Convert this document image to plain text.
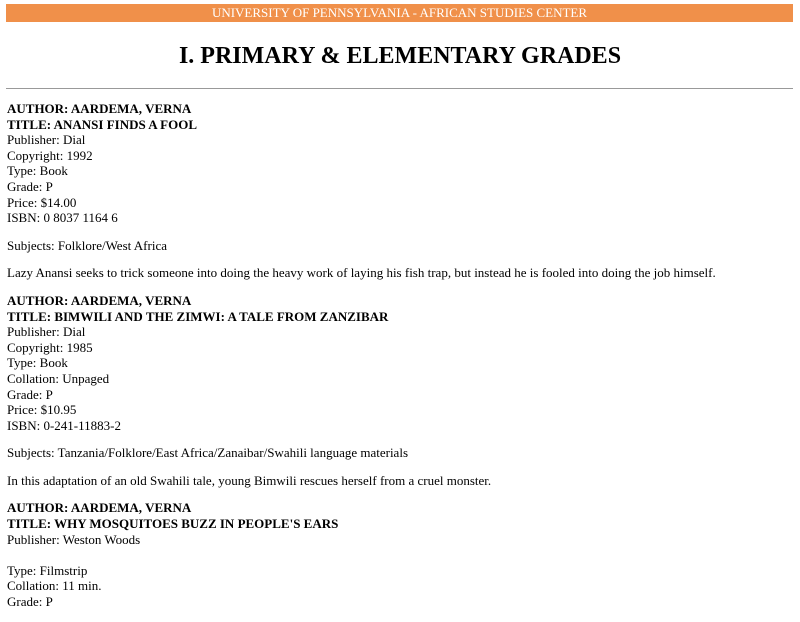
UNIVERSITY OF PENNSYLVANIA - AFRICAN STUDIES CENTER
I. PRIMARY & ELEMENTARY GRADES
AUTHOR: AARDEMA, VERNA
TITLE: ANANSI FINDS A FOOL
Publisher: Dial
Copyright: 1992
Type: Book
Grade: P
Price: $14.00
ISBN: 0 8037 1164 6
Subjects: Folklore/West Africa
Lazy Anansi seeks to trick someone into doing the heavy work of laying his fish trap, but instead he is fooled into doing the job himself.
AUTHOR: AARDEMA, VERNA
TITLE: BIMWILI AND THE ZIMWI: A TALE FROM ZANZIBAR
Publisher: Dial
Copyright: 1985
Type: Book
Collation: Unpaged
Grade: P
Price: $10.95
ISBN: 0-241-11883-2
Subjects: Tanzania/Folklore/East Africa/Zanaibar/Swahili language materials
In this adaptation of an old Swahili tale, young Bimwili rescues herself from a cruel monster.
AUTHOR: AARDEMA, VERNA
TITLE: WHY MOSQUITOES BUZZ IN PEOPLE'S EARS
Publisher: Weston Woods
Type: Filmstrip
Collation: 11 min.
Grade: P
